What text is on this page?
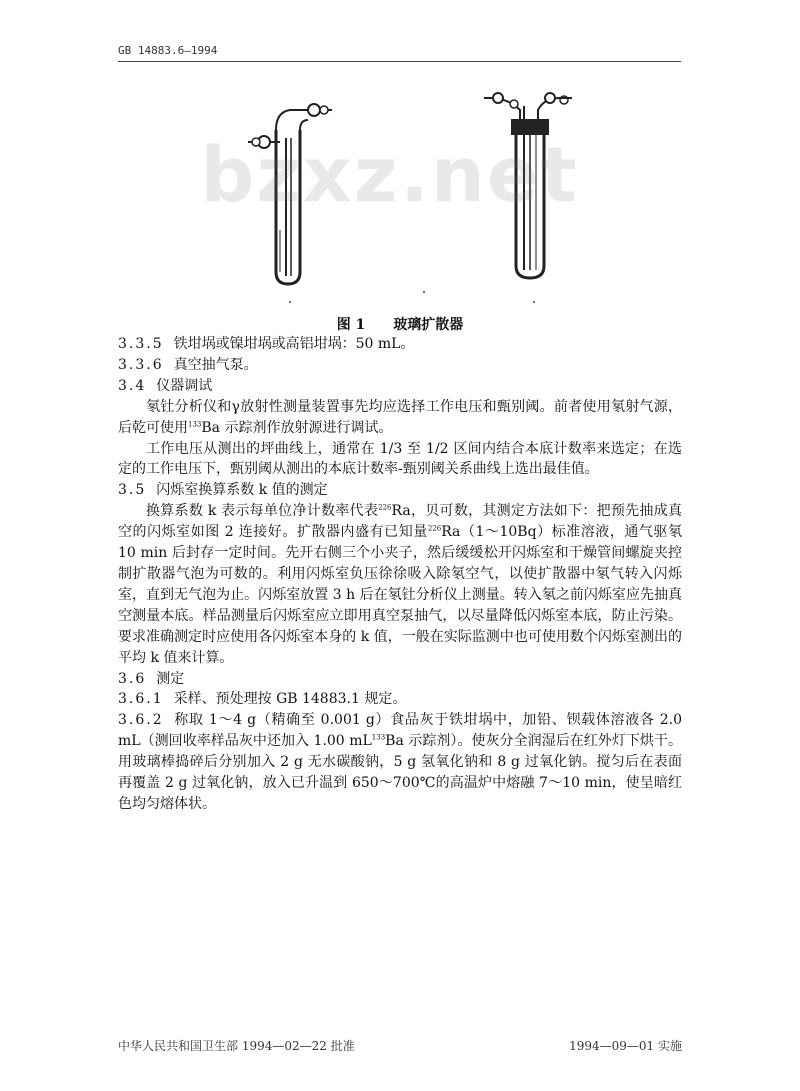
GB 14883.6—1994
bzxz.net
图 1 玻璃扩散器

3.3.5 铁坩埚或镍坩埚或高铝坩埚：50 mL。

3.3.6 真空抽气泵。

3.4 仪器调试

氡钍分析仪和γ放射性测量装置事先均应选择工作电压和甄别阈。前者使用氡射气源，后乾可使用$^{133}$Ba 示踪剂作放射源进行调试。

工作电压从测出的坪曲线上，通常在 1/3 至 1/2 区间内结合本底计数率来选定；在选定的工作电压下，甄别阈从测出的本底计数率-甄别阈关系曲线上选出最佳值。

3.5 闪烁室换算系数 k 值的测定

换算系数 k 表示每单位净计数率代表$^{226}$Ra，贝可数，其测定方法如下：把预先抽成真空的闪烁室如图 2 连接好。扩散器内盛有已知量$^{226}$Ra（1～10Bq）标准溶液，通气驱氡 10 min 后封存一定时间。先开右侧三个小夹子，然后缓缓松开闪烁室和干燥管间螺旋夹控制扩散器气泡为可数的。利用闪烁室负压徐徐吸入除氡空气，以使扩散器中氡气转入闪烁室，直到无气泡为止。闪烁室放置 3 h 后在氡钍分析仪上测量。转入氡之前闪烁室应先抽真空测量本底。样品测量后闪烁室应立即用真空泵抽气，以尽量降低闪烁室本底，防止污染。要求准确测定时应使用各闪烁室本身的 k 值，一般在实际监测中也可使用数个闪烁室测出的平均 k 值来计算。

3.6 测定

3.6.1 采样、预处理按 GB 14883.1 规定。

3.6.2 称取 1～4 g（精确至 0.001 g）食品灰于铁坩埚中，加铅、钡载体溶液各 2.0 mL（测回收率样品灰中还加入 1.00 $mL^{133}Ba$ 示踪剂）。使灰分全润湿后在红外灯下烘干。用玻璃棒捣碎后分别加入 2 g 无水碳酸钠，5 g 氢氧化钠和 8 g 过氧化钠。搅匀后在表面再覆盖 2 g 过氧化钠，放入已升温到 650～700℃的高温炉中熔融 7～10 min，使呈暗红色均匀熔体状。

中华人民共和国卫生部 1994—02—22 批准	1994—09—01 实施
